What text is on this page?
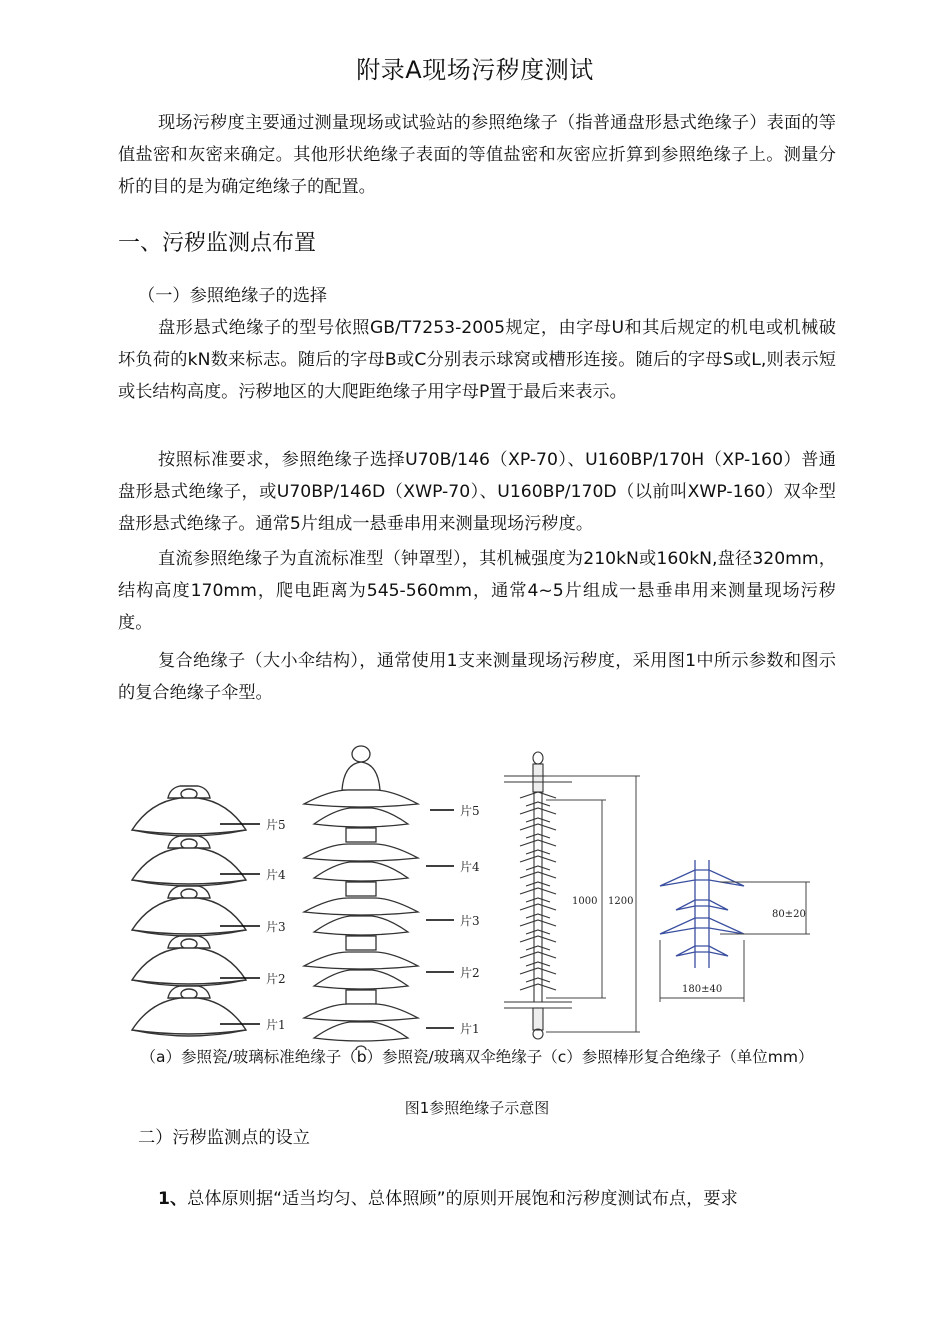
附录A现场污秽度测试

现场污秽度主要通过测量现场或试验站的参照绝缘子（指普通盘形悬式绝缘子）表面的等值盐密和灰密来确定。其他形状绝缘子表面的等值盐密和灰密应折算到参照绝缘子上。测量分析的目的是为确定绝缘子的配置。

一、污秽监测点布置
（一）参照绝缘子的选择

盘形悬式绝缘子的型号依照GB/T7253-2005规定，由字母U和其后规定的机电或机械破坏负荷的kN数来标志。随后的字母B或C分别表示球窝或槽形连接。随后的字母S或L,则表示短或长结构高度。污秽地区的大爬距绝缘子用字母P置于最后来表示。

按照标准要求，参照绝缘子选择U70B/146（XP-70）、U160BP/170H（XP-160）普通盘形悬式绝缘子，或U70BP/146D（XWP-70）、U160BP/170D（以前叫XWP-160）双伞型盘形悬式绝缘子。通常5片组成一悬垂串用来测量现场污秽度。

直流参照绝缘子为直流标准型（钟罩型），其机械强度为210kN或160kN,盘径320mm，结构高度170mm，爬电距离为545-560mm，通常4~5片组成一悬垂串用来测量现场污秽度。

复合绝缘子（大小伞结构），通常使用1支来测量现场污秽度，采用图1中所示参数和图示的复合绝缘子伞型。

片5
片4
片3
片2
片1
片5
片4
片3
片2
片1
1000 1200
80±20
180±40

（a）参照瓷/玻璃标准绝缘子（b）参照瓷/玻璃双伞绝缘子（c）参照棒形复合绝缘子（单位mm）

图1参照绝缘子示意图

二）污秽监测点的设立

1、总体原则据“适当均匀、总体照顾”的原则开展饱和污秽度测试布点，要求
